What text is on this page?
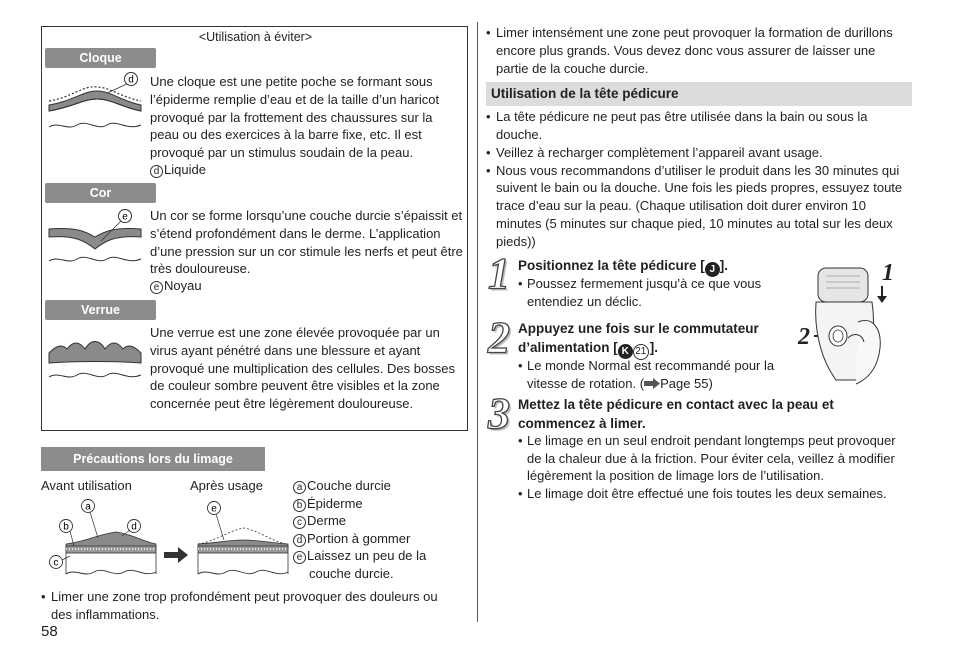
<Utilisation à éviter>
Cloque
d Une cloque est une petite poche se formant sous l’épiderme remplie d’eau et de la taille d’un haricot provoqué par la frottement des chaussures sur la peau ou des exercices à la barre fixe, etc. Il est provoqué par un stimulus soudain de la peau.
d Liquide
Cor
e Un cor se forme lorsqu’une couche durcie s’épaissit et s’étend profondément dans le derme. L’application d’une pression sur un cor stimule les nerfs et peut être très douloureuse.
e Noyau
Verrue
Une verrue est une zone élevée provoquée par un virus ayant pénétré dans une blessure et ayant provoqué une multiplication des cellules. Des bosses de couleur sombre peuvent être visibles et la zone concernée peut être légèrement douloureuse.
Précautions lors du limage
Avant utilisation	Après usage
a
b
c
d
e
a Couche durcie
b Épiderme
c Derme
d Portion à gommer
e Laissez un peu de la
couche durcie.
• Limer une zone trop profondément peut provoquer des douleurs ou des inflammations.
58
• Limer intensément une zone peut provoquer la formation de durillons encore plus grands. Vous devez donc vous assurer de laisser une partie de la couche durcie.
Utilisation de la tête pédicure
• La tête pédicure ne peut pas être utilisée dans la bain ou sous la douche.
• Veillez à recharger complètement l’appareil avant usage.
• Nous vous recommandons d’utiliser le produit dans les 30 minutes qui suivent le bain ou la douche. Une fois les pieds propres, essuyez toute trace d’eau sur la peau. (Chaque utilisation doit durer environ 10 minutes (5 minutes sur chaque pied, 10 minutes au total sur les deux pieds))
1 Positionnez la tête pédicure [ J ].
• Poussez fermement jusqu’à ce que vous entendiez un déclic.
2 Appuyez une fois sur le commutateur
d’alimentation [ K 21 ].
• Le monde Normal est recommandé pour la
vitesse de rotation. ( Page 55)
3 Mettez la tête pédicure en contact avec la peau et commencez à limer.
• Le limage en un seul endroit pendant longtemps peut provoquer de la chaleur due à la friction. Pour éviter cela, veillez à modifier légèrement la position de limage lors de l’utilisation.
• Le limage doit être effectué une fois toutes les deux semaines.
1
2
